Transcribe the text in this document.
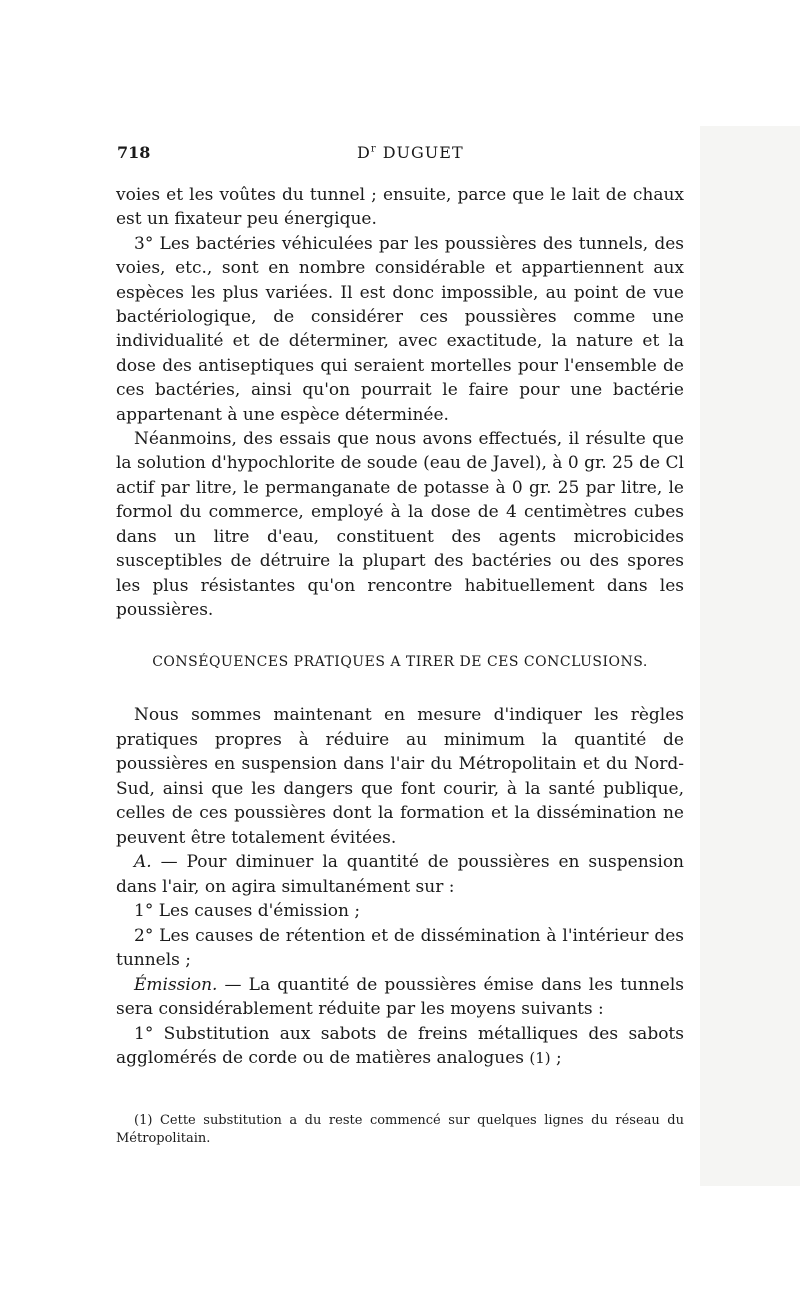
718	$D^r$ DUGUET

voies et les voûtes du tunnel ; ensuite, parce que le lait de chaux est un fixateur peu énergique.

3° Les bactéries véhiculées par les poussières des tunnels, des voies, etc., sont en nombre considérable et appartiennent aux espèces les plus variées. Il est donc impossible, au point de vue bactériologique, de considérer ces poussières comme une individualité et de déterminer, avec exactitude, la nature et la dose des antiseptiques qui seraient mortelles pour l'ensemble de ces bactéries, ainsi qu'on pourrait le faire pour une bactérie appartenant à une espèce déterminée.

Néanmoins, des essais que nous avons effectués, il résulte que la solution d'hypochlorite de soude (eau de Javel), à 0 gr. 25 de Cl actif par litre, le permanganate de potasse à 0 gr. 25 par litre, le formol du commerce, employé à la dose de 4 centimètres cubes dans un litre d'eau, constituent des agents microbicides susceptibles de détruire la plupart des bactéries ou des spores les plus résistantes qu'on rencontre habituellement dans les poussières.

CONSÉQUENCES PRATIQUES A TIRER DE CES CONCLUSIONS.

Nous sommes maintenant en mesure d'indiquer les règles pratiques propres à réduire au minimum la quantité de poussières en suspension dans l'air du Métropolitain et du Nord-Sud, ainsi que les dangers que font courir, à la santé publique, celles de ces poussières dont la formation et la dissémination ne peuvent être totalement évitées.

A. — Pour diminuer la quantité de poussières en suspension dans l'air, on agira simultanément sur :

1° Les causes d'émission ;

2° Les causes de rétention et de dissémination à l'intérieur des tunnels ;

Émission. — La quantité de poussières émise dans les tunnels sera considérablement réduite par les moyens suivants :

1° Substitution aux sabots de freins métalliques des sabots agglomérés de corde ou de matières analogues (1) ;

(1) Cette substitution a du reste commencé sur quelques lignes du réseau du Métropolitain.
